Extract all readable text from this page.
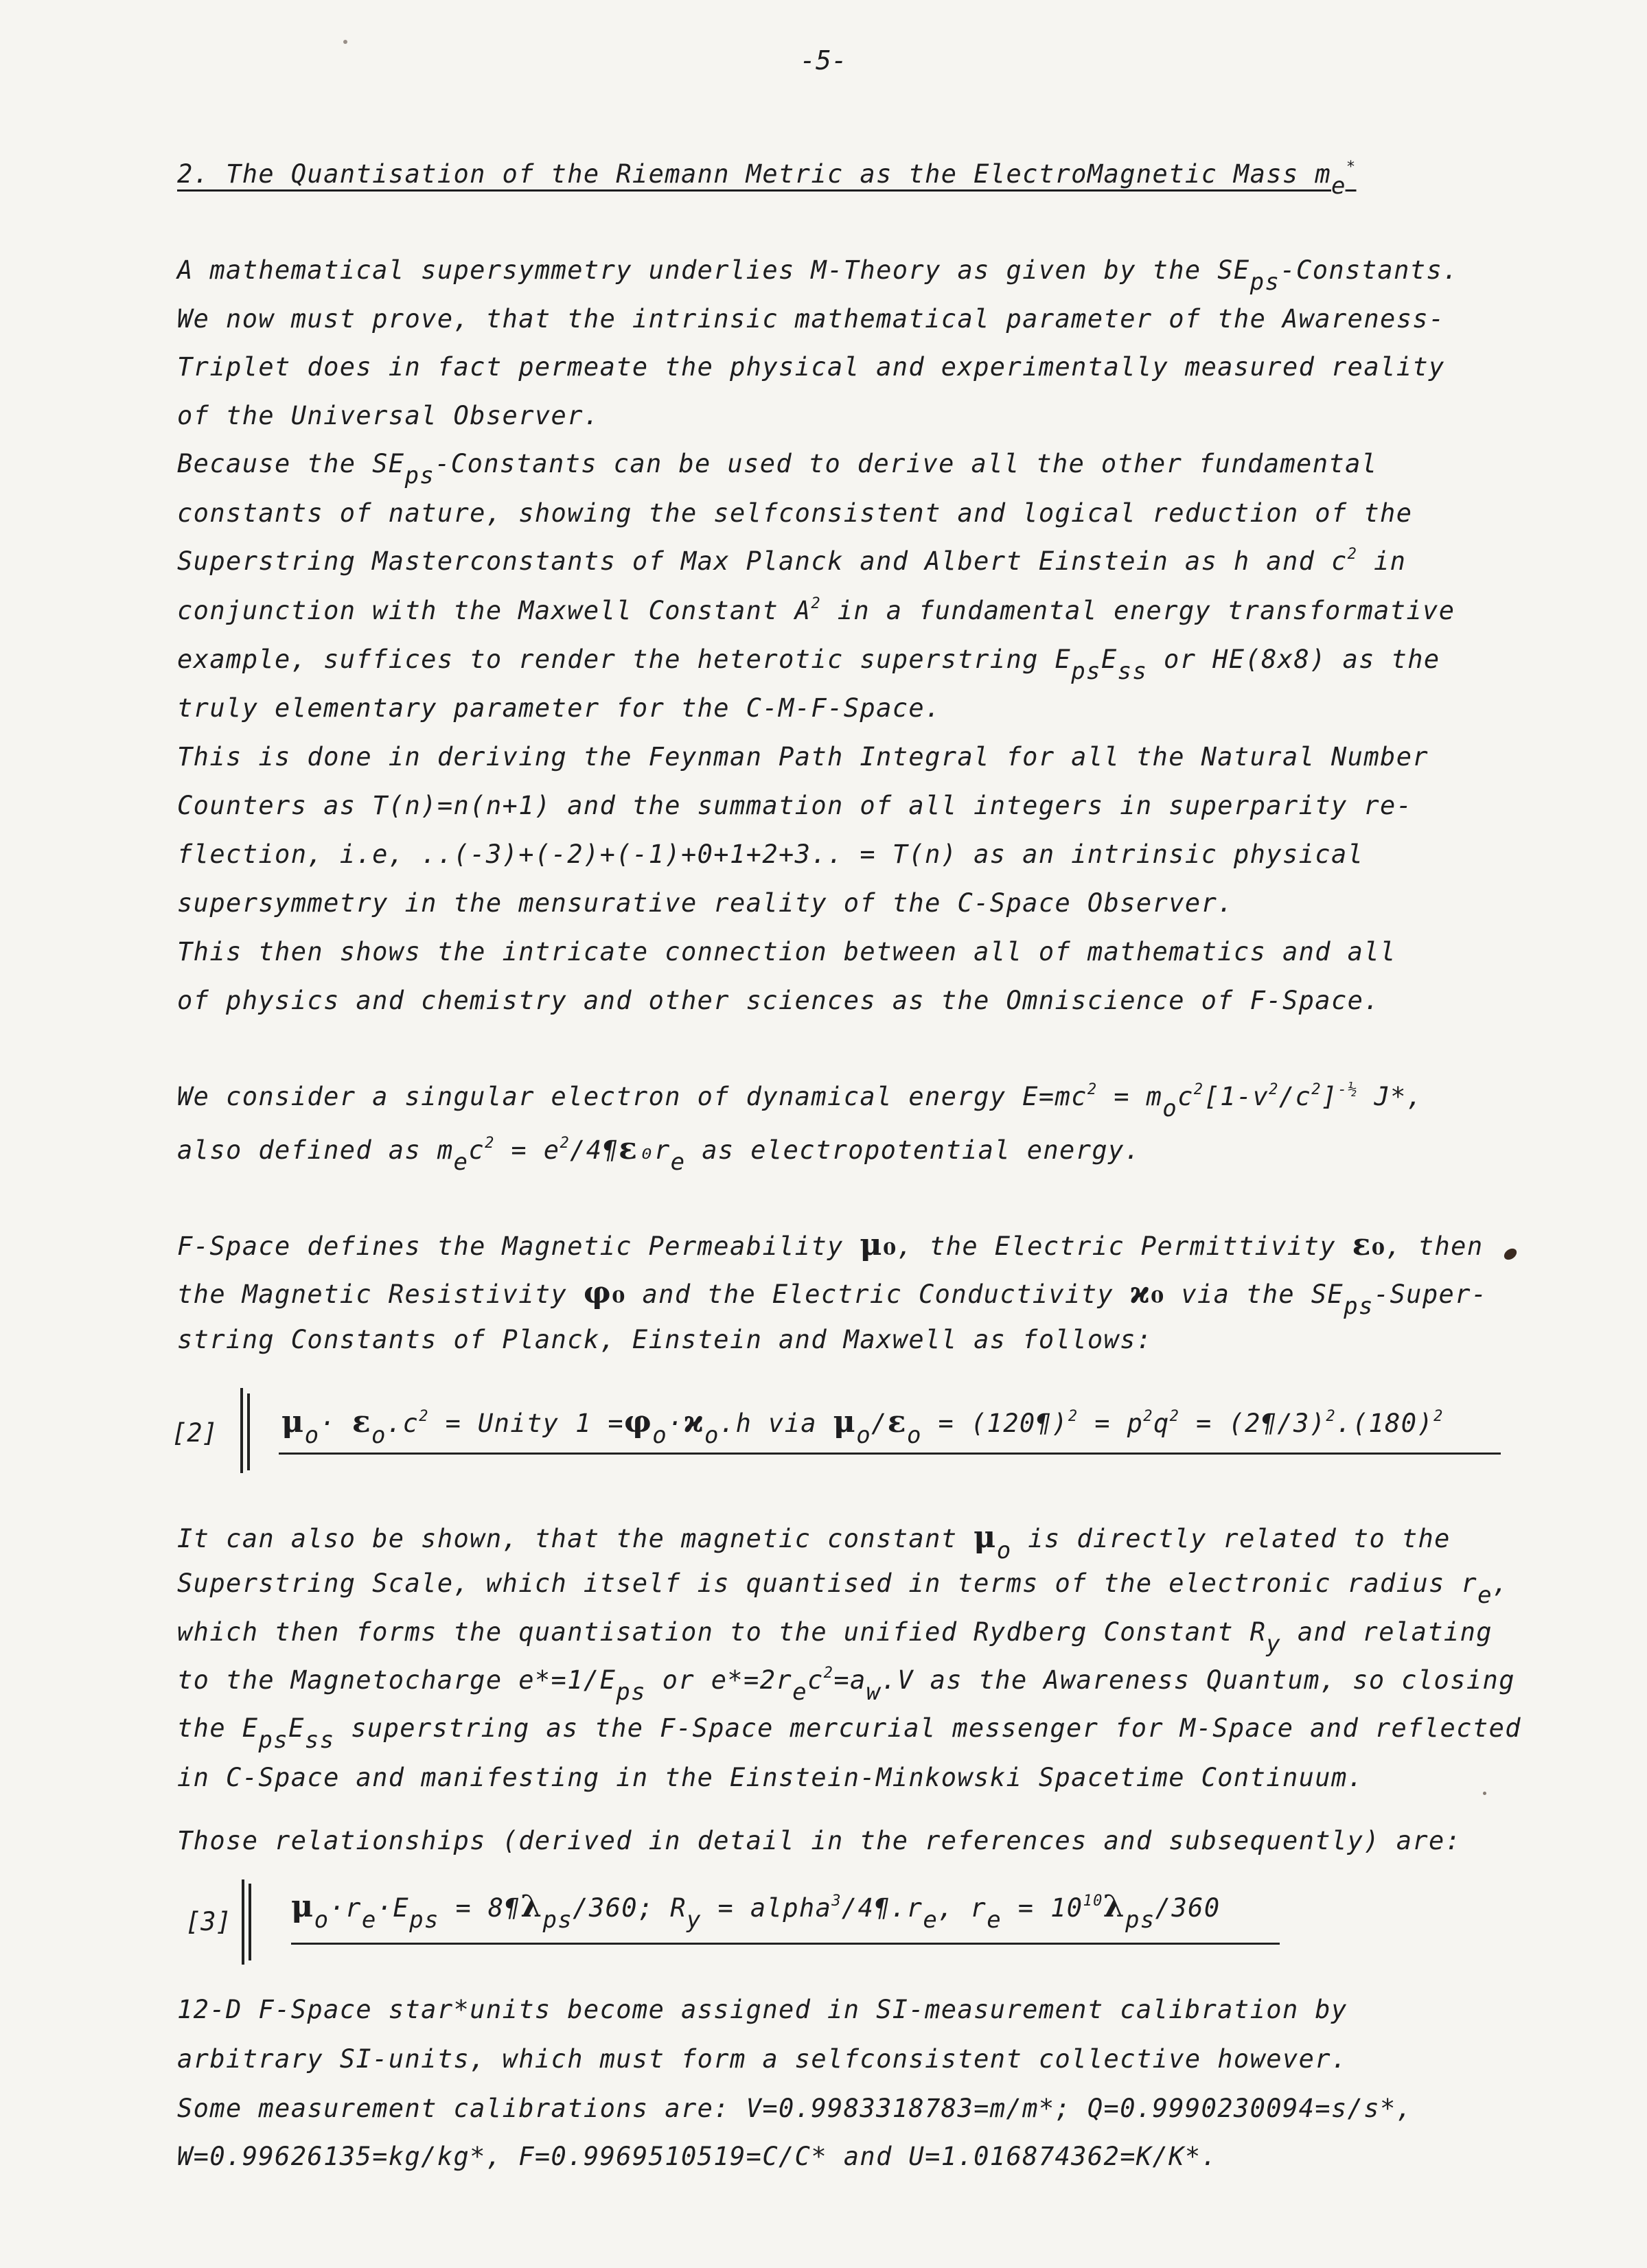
-5-
2. The Quantisation of the Riemann Metric as the ElectroMagnetic Mass me*
A mathematical supersymmetry underlies M-Theory as given by the SEps-Constants.
We now must prove, that the intrinsic mathematical parameter of the Awareness-
Triplet does in fact permeate the physical and experimentally measured reality
of the Universal Observer.
Because the SEps-Constants can be used to derive all the other fundamental
constants of nature, showing the selfconsistent and logical reduction of the
Superstring Masterconstants of Max Planck and Albert Einstein as h and $c^2$ in
conjunction with the Maxwell Constant $A^2$ in a fundamental energy transformative
example, suffices to render the heterotic superstring EpsEss or HE(8x8) as the
truly elementary parameter for the C-M-F-Space.
This is done in deriving the Feynman Path Integral for all the Natural Number
Counters as T(n)=n(n+1) and the summation of all integers in superparity re-
flection, i.e, ..(-3)+(-2)+(-1)+0+1+2+3.. = T(n) as an intrinsic physical
supersymmetry in the mensurative reality of the C-Space Observer.
This then shows the intricate connection between all of mathematics and all
of physics and chemistry and other sciences as the Omniscience of F-Space.
We consider a singular electron of dynamical energy $E=mc^2 = moc^2[1-v^2/c^2]^{-\frac{1}{2}}$ J*,
also defined as $mec^2 = e^2/4\P\varepsilon_0re$ as electropotential energy.
F-Space defines the Magnetic Permeability μ₀, the Electric Permittivity ε₀, then
the Magnetic Resistivity φ₀ and the Electric Conductivity ϰ₀ via the SEps-Super-
string Constants of Planck, Einstein and Maxwell as follows:
[2] $\mu o\cdot \varepsilon o.c^2$ = Unity 1 =φo·ϰo.h via μo/εo = (120¶)$^2$ = $p^2q^2$ = $(2\P/3)^2.(180)^2$
It can also be shown, that the magnetic constant μo is directly related to the
Superstring Scale, which itself is quantised in terms of the electronic radius re,
which then forms the quantisation to the unified Rydberg Constant Ry and relating
to the Magnetocharge e*=1/Eps or e*=2rec$^2$=aw.V as the Awareness Quantum, so closing
the EpsEss superstring as the F-Space mercurial messenger for M-Space and reflected
in C-Space and manifesting in the Einstein-Minkowski Spacetime Continuum.
Those relationships (derived in detail in the references and subsequently) are:
[3] μo·re·Eps = 8¶λps/360; Ry = alpha$^3$/4¶.re, re = $10^{10}\lambda ps/360$
12-D F-Space star*units become assigned in SI-measurement calibration by
arbitrary SI-units, which must form a selfconsistent collective however.
Some measurement calibrations are: V=0.9983318783=m/m*; Q=0.9990230094=s/s*,
W=0.99626135=kg/kg*, F=0.9969510519=C/C* and U=1.016874362=K/K*.
